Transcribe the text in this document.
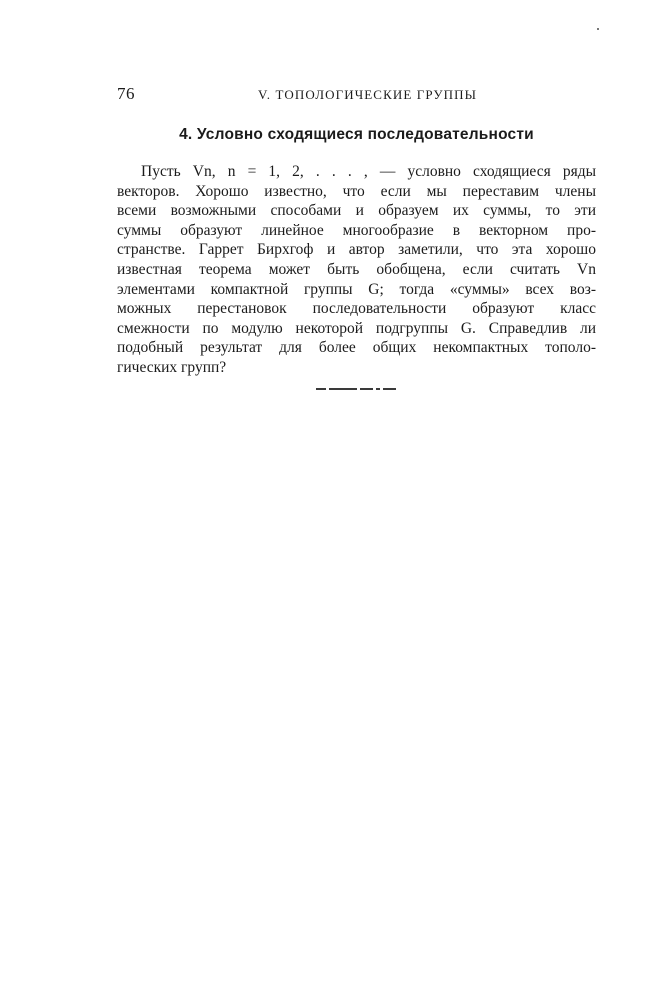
76	V. ТОПОЛОГИЧЕСКИЕ ГРУППЫ
4. Условно сходящиеся последовательности
Пусть Vn, n = 1, 2, . . . , — условно сходящиеся ряды
векторов. Хорошо известно, что если мы переставим члены
всеми возможными способами и образуем их суммы, то эти
суммы образуют линейное многообразие в векторном про-
странстве. Гаррет Бирхгоф и автор заметили, что эта хорошо
известная теорема может быть обобщена, если считать Vn
элементами компактной группы G; тогда «суммы» всех воз-
можных перестановок последовательности образуют класс
смежности по модулю некоторой подгруппы G. Справедлив ли
подобный результат для более общих некомпактных тополо-
гических групп?
